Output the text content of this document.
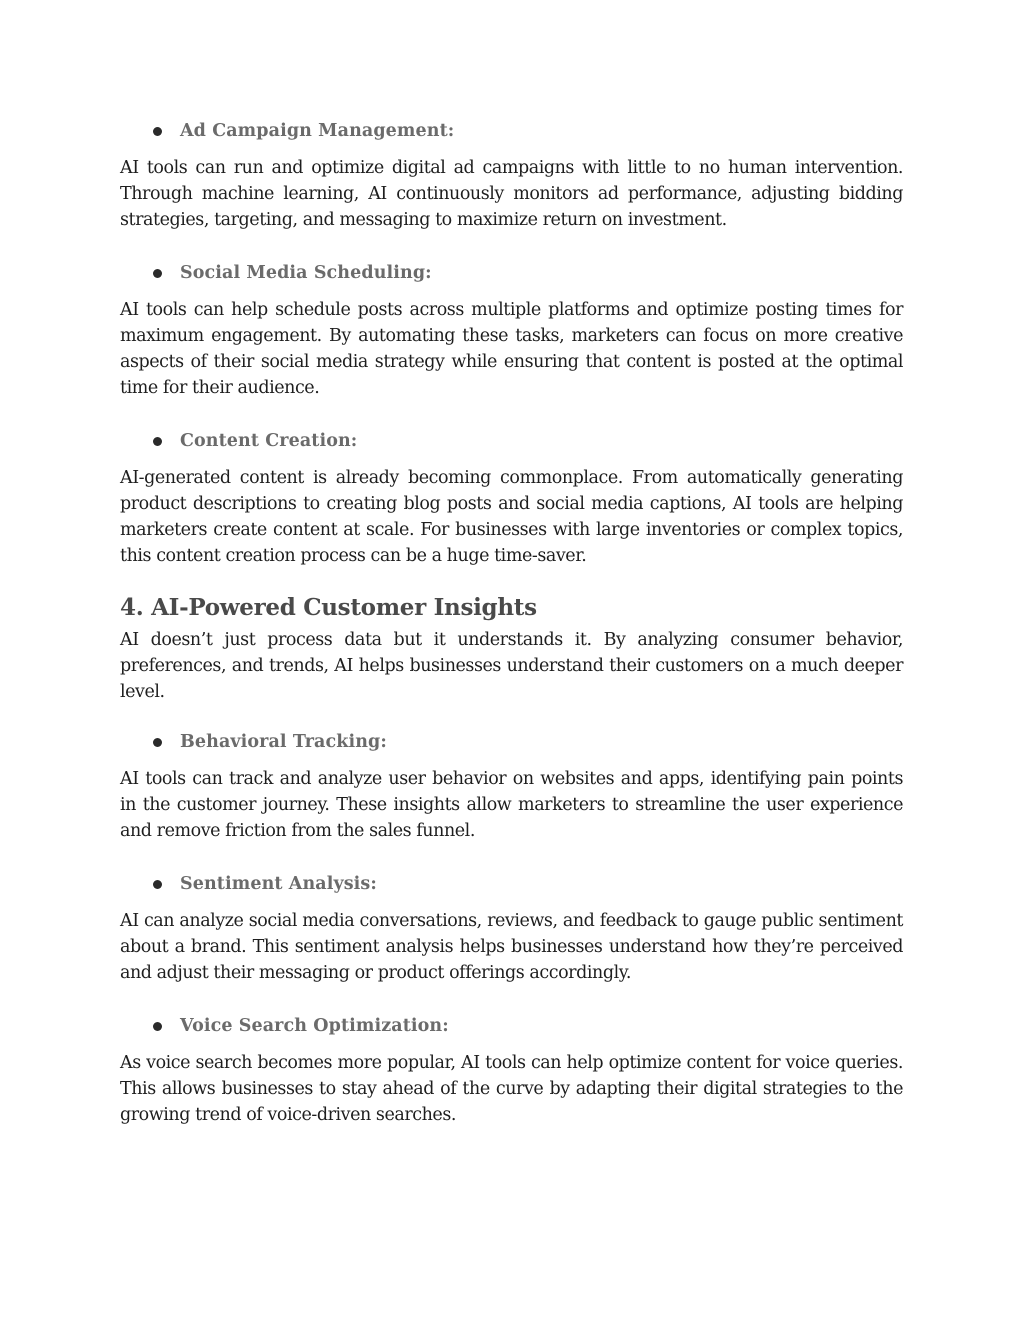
Ad Campaign Management:

AI tools can run and optimize digital ad campaigns with little to no human intervention. Through machine learning, AI continuously monitors ad performance, adjusting bidding strategies, targeting, and messaging to maximize return on investment.

Social Media Scheduling:

AI tools can help schedule posts across multiple platforms and optimize posting times for maximum engagement. By automating these tasks, marketers can focus on more creative aspects of their social media strategy while ensuring that content is posted at the optimal time for their audience.

Content Creation:

AI-generated content is already becoming commonplace. From automatically generating product descriptions to creating blog posts and social media captions, AI tools are helping marketers create content at scale. For businesses with large inventories or complex topics, this content creation process can be a huge time-saver.

4. AI-Powered Customer Insights

AI doesn’t just process data but it understands it. By analyzing consumer behavior, preferences, and trends, AI helps businesses understand their customers on a much deeper level.

Behavioral Tracking:

AI tools can track and analyze user behavior on websites and apps, identifying pain points in the customer journey. These insights allow marketers to streamline the user experience and remove friction from the sales funnel.

Sentiment Analysis:

AI can analyze social media conversations, reviews, and feedback to gauge public sentiment about a brand. This sentiment analysis helps businesses understand how they’re perceived and adjust their messaging or product offerings accordingly.

Voice Search Optimization:

As voice search becomes more popular, AI tools can help optimize content for voice queries. This allows businesses to stay ahead of the curve by adapting their digital strategies to the growing trend of voice-driven searches.
